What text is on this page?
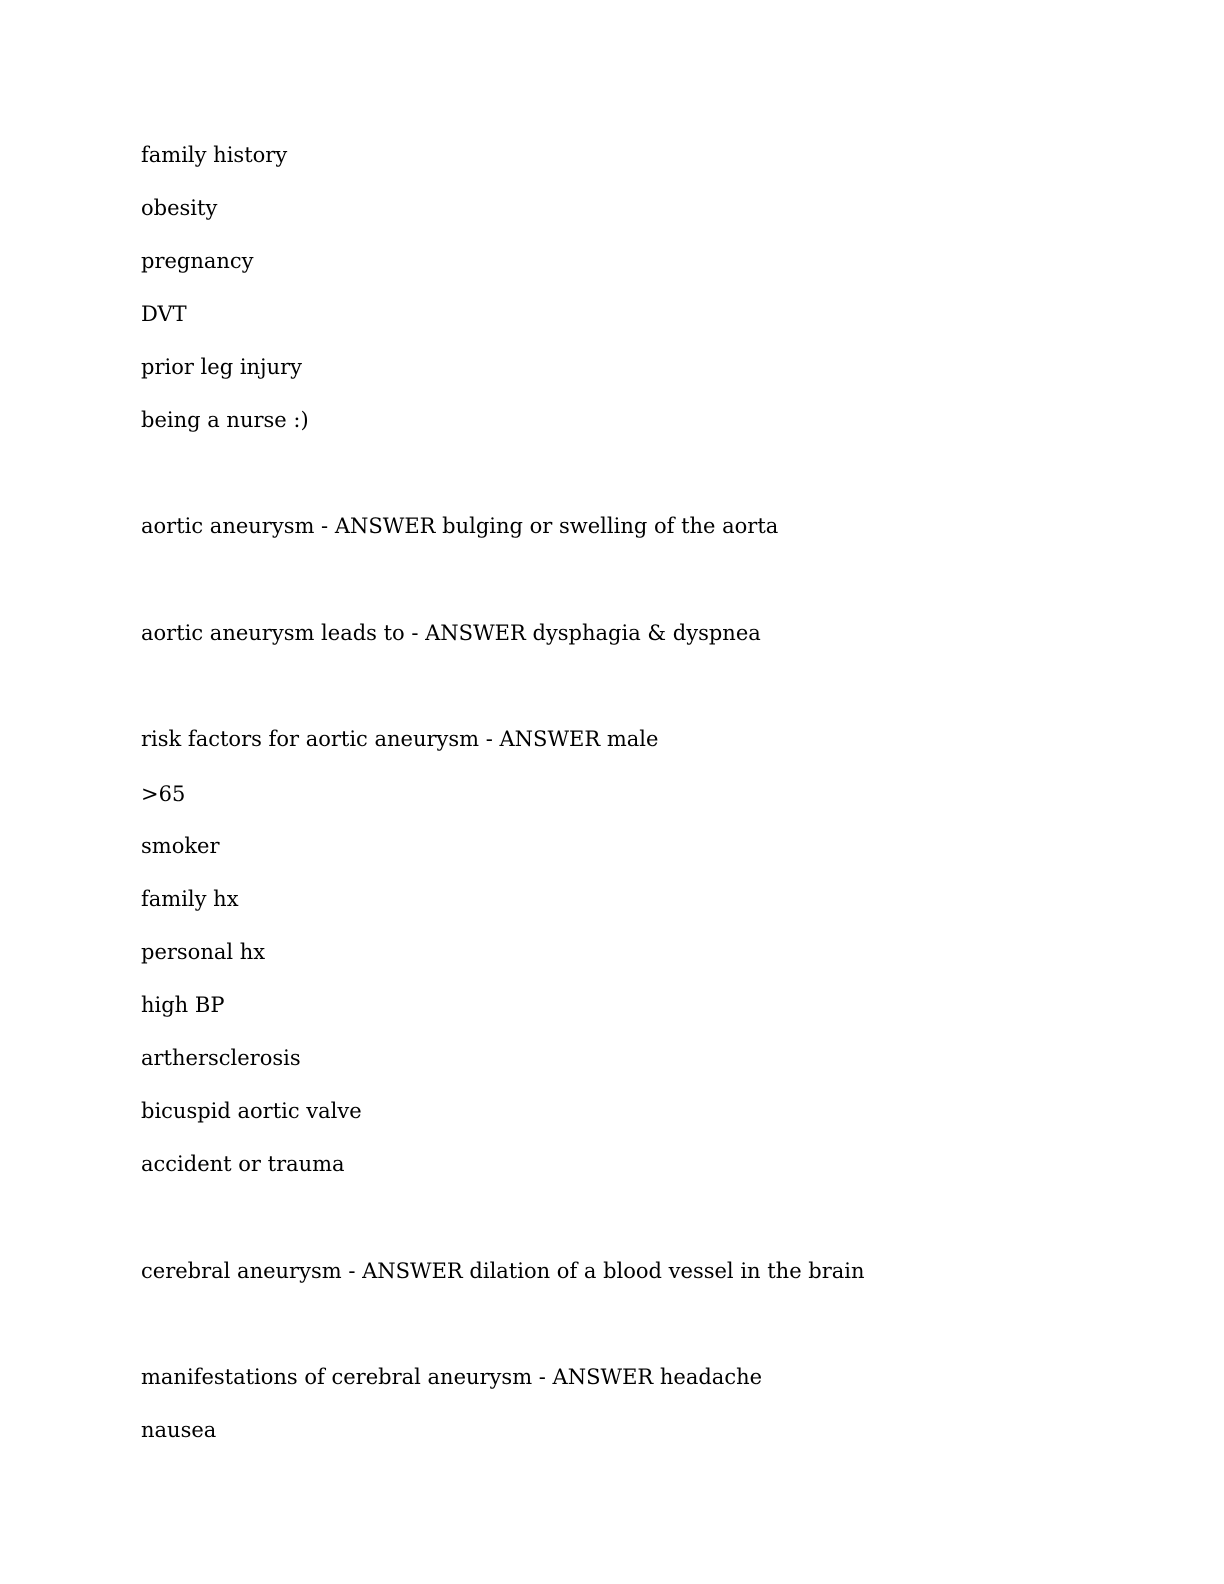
family history

obesity

pregnancy

DVT

prior leg injury

being a nurse :)

aortic aneurysm - ANSWER bulging or swelling of the aorta

aortic aneurysm leads to - ANSWER dysphagia & dyspnea

risk factors for aortic aneurysm - ANSWER male

>65

smoker

family hx

personal hx

high BP

arthersclerosis

bicuspid aortic valve

accident or trauma

cerebral aneurysm - ANSWER dilation of a blood vessel in the brain

manifestations of cerebral aneurysm - ANSWER headache

nausea
